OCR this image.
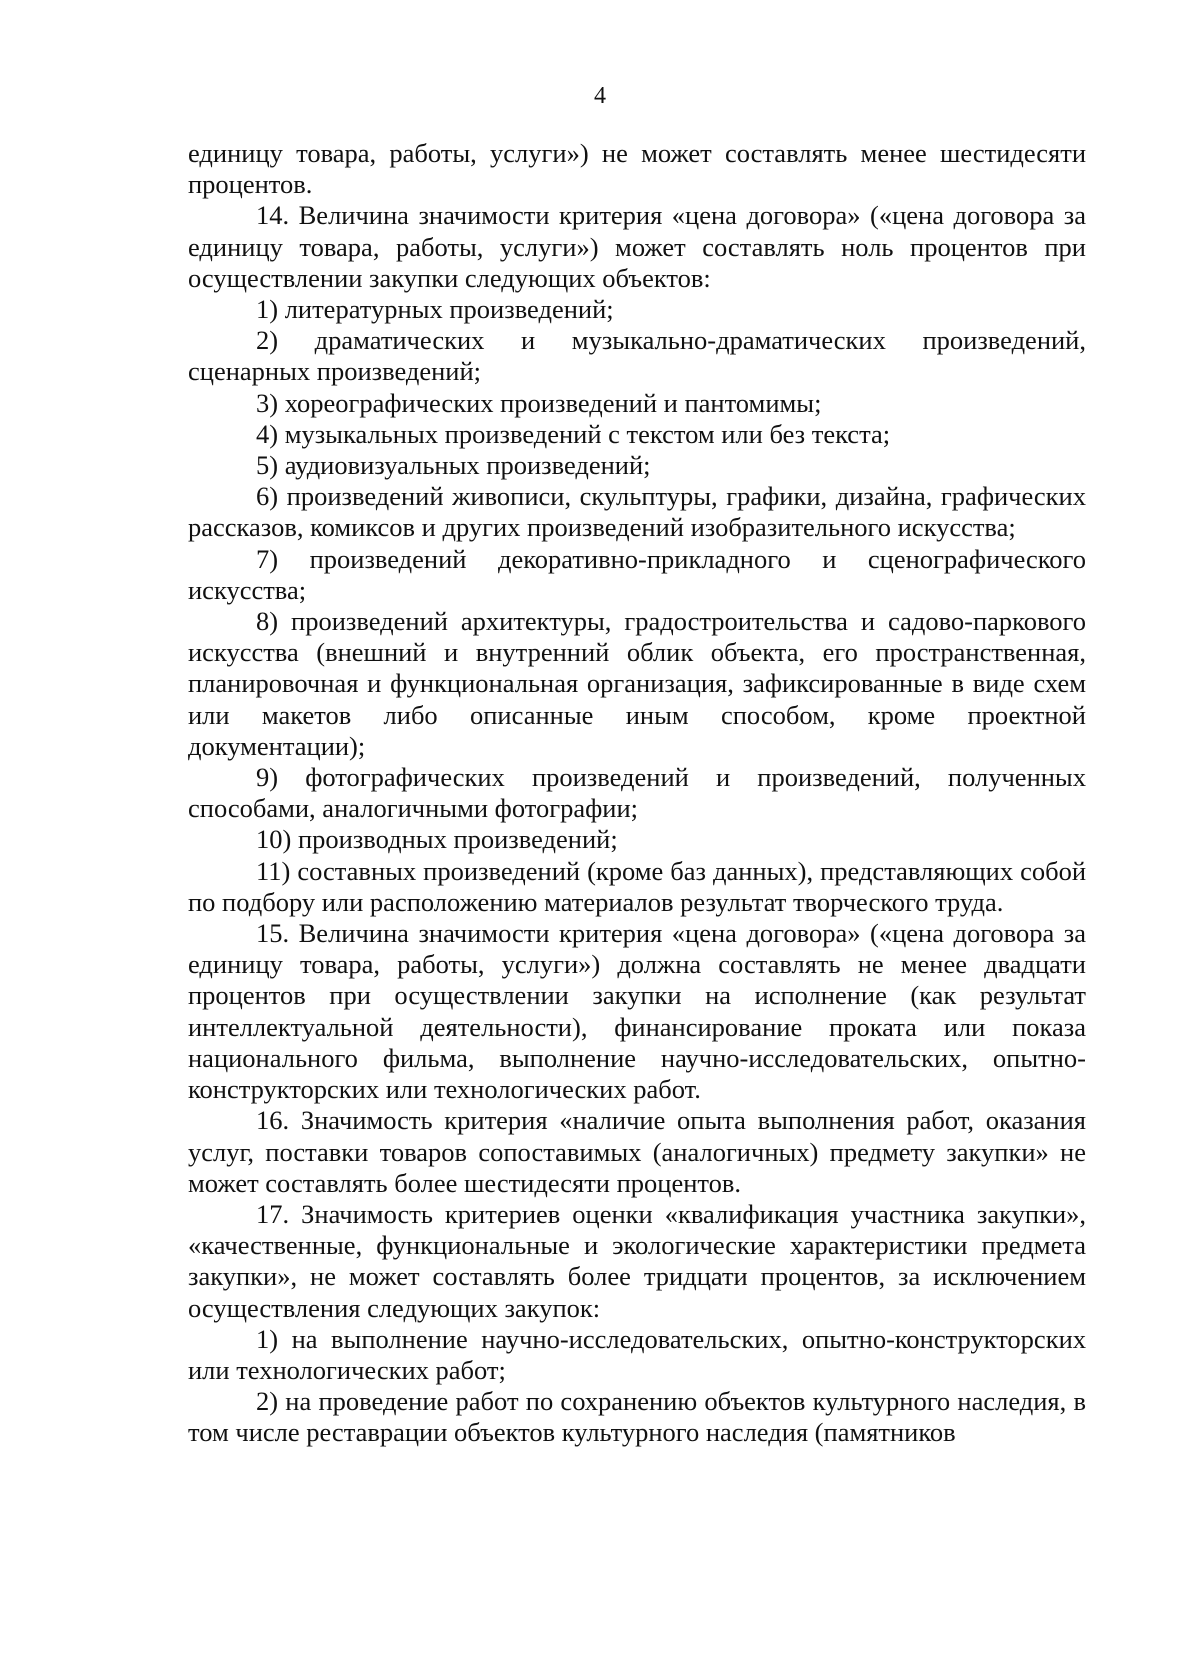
4

единицу товара, работы, услуги») не может составлять менее шестидесяти процентов.

14. Величина значимости критерия «цена договора» («цена договора за единицу товара, работы, услуги») может составлять ноль процентов при осуществлении закупки следующих объектов:

1) литературных произведений;

2) драматических и музыкально-драматических произведений, сценарных произведений;

3) хореографических произведений и пантомимы;

4) музыкальных произведений с текстом или без текста;

5) аудиовизуальных произведений;

6) произведений живописи, скульптуры, графики, дизайна, графических рассказов, комиксов и других произведений изобразительного искусства;

7) произведений декоративно-прикладного и сценографического искусства;

8) произведений архитектуры, градостроительства и садово-паркового искусства (внешний и внутренний облик объекта, его пространственная, планировочная и функциональная организация, зафиксированные в виде схем или макетов либо описанные иным способом, кроме проектной документации);

9) фотографических произведений и произведений, полученных способами, аналогичными фотографии;

10) производных произведений;

11) составных произведений (кроме баз данных), представляющих собой по подбору или расположению материалов результат творческого труда.

15. Величина значимости критерия «цена договора» («цена договора за единицу товара, работы, услуги») должна составлять не менее двадцати процентов при осуществлении закупки на исполнение (как результат интеллектуальной деятельности), финансирование проката или показа национального фильма, выполнение научно-исследовательских, опытно-конструкторских или технологических работ.

16. Значимость критерия «наличие опыта выполнения работ, оказания услуг, поставки товаров сопоставимых (аналогичных) предмету закупки» не может составлять более шестидесяти процентов.

17. Значимость критериев оценки «квалификация участника закупки», «качественные, функциональные и экологические характеристики предмета закупки», не может составлять более тридцати процентов, за исключением осуществления следующих закупок:

1) на выполнение научно-исследовательских, опытно-конструкторских или технологических работ;

2) на проведение работ по сохранению объектов культурного наследия, в том числе реставрации объектов культурного наследия (памятников
